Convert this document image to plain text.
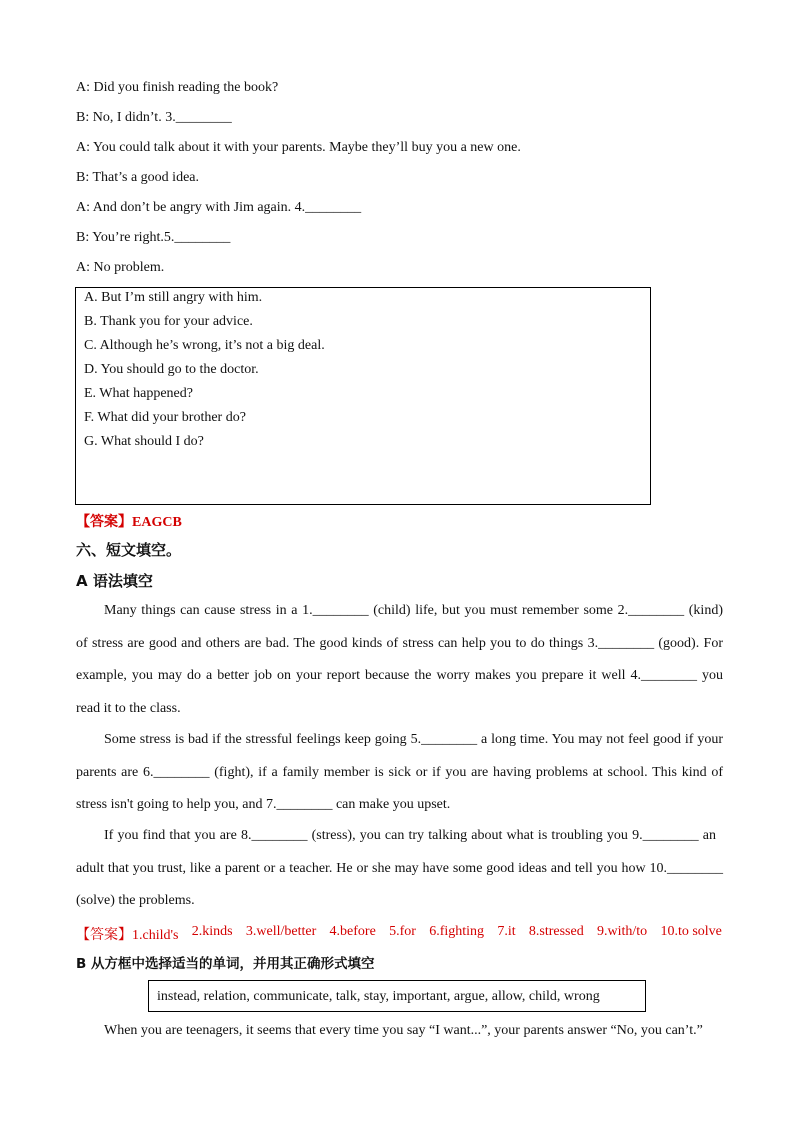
A: Did you finish reading the book?
B: No, I didn’t. 3.________
A: You could talk about it with your parents. Maybe they’ll buy you a new one.
B: That’s a good idea.
A: And don’t be angry with Jim again. 4.________
B: You’re right.5.________
A: No problem.
A. But I’m still angry with him.
B. Thank you for your advice.
C. Although he’s wrong, it’s not a big deal.
D. You should go to the doctor.
E. What happened?
F. What did your brother do?
G. What should I do?
【答案】EAGCB
六、短文填空。
A 语法填空
Many things can cause stress in a 1.________ (child) life, but you must remember some 2.________ (kind)
of stress are good and others are bad. The good kinds of stress can help you to do things 3.________ (good). For
example, you may do a better job on your report because the worry makes you prepare it well 4.________ you
read it to the class.
Some stress is bad if the stressful feelings keep going 5.________ a long time. You may not feel good if your
parents are 6.________ (fight), if a family member is sick or if you are having problems at school. This kind of
stress isn't going to help you, and 7.________ can make you upset.
If you find that you are 8.________ (stress), you can try talking about what is troubling you 9.________ an
adult that you trust, like a parent or a teacher. He or she may have some good ideas and tell you how 10.________
(solve) the problems.
【答案】1.child's 2.kinds 3.well/better 4.before 5.for 6.fighting 7.it 8.stressed 9.with/to 10.to solve
B 从方框中选择适当的单词，并用其正确形式填空
instead, relation, communicate, talk, stay, important, argue, allow, child, wrong
When you are teenagers, it seems that every time you say “I want...”, your parents answer “No, you can’t.”
